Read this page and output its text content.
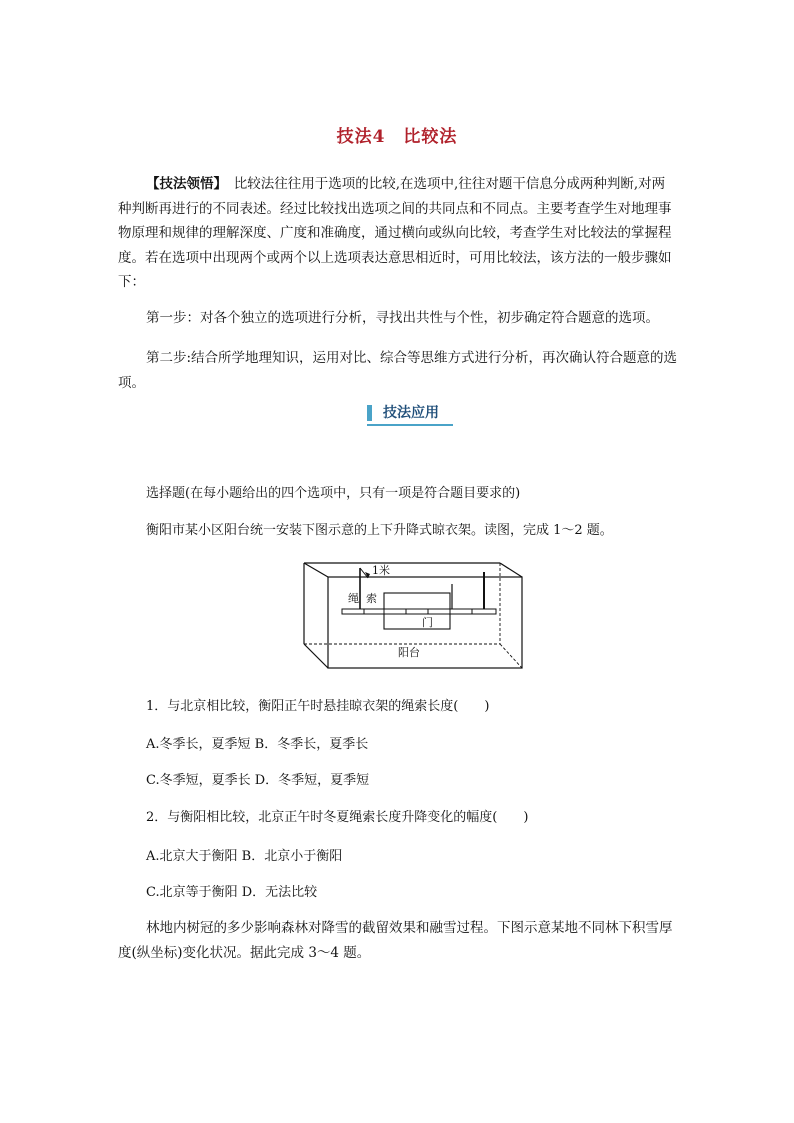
技法4　比较法
【技法领悟】　比较法往往用于选项的比较,在选项中,往往对题干信息分成两种判断,对两种判断再进行的不同表述。经过比较找出选项之间的共同点和不同点。主要考查学生对地理事物原理和规律的理解深度、广度和准确度，通过横向或纵向比较，考查学生对比较法的掌握程度。若在选项中出现两个或两个以上选项表达意思相近时，可用比较法，该方法的一般步骤如下：
第一步：对各个独立的选项进行分析，寻找出共性与个性，初步确定符合题意的选项。
第二步:结合所学地理知识，运用对比、综合等思维方式进行分析，再次确认符合题意的选项。
技法应用
选择题(在每小题给出的四个选项中，只有一项是符合题目要求的)
衡阳市某小区阳台统一安装下图示意的上下升降式晾衣架。读图，完成 1～2 题。
1米
绳 索
门
阳台
1．与北京相比较，衡阳正午时悬挂晾衣架的绳索长度(　　)
A.冬季长，夏季短 B．冬季长，夏季长
C.冬季短，夏季长 D．冬季短，夏季短
2．与衡阳相比较，北京正午时冬夏绳索长度升降变化的幅度(　　)
A.北京大于衡阳 B．北京小于衡阳
C.北京等于衡阳 D．无法比较
林地内树冠的多少影响森林对降雪的截留效果和融雪过程。下图示意某地不同林下积雪厚度(纵坐标)变化状况。据此完成 3～4 题。
